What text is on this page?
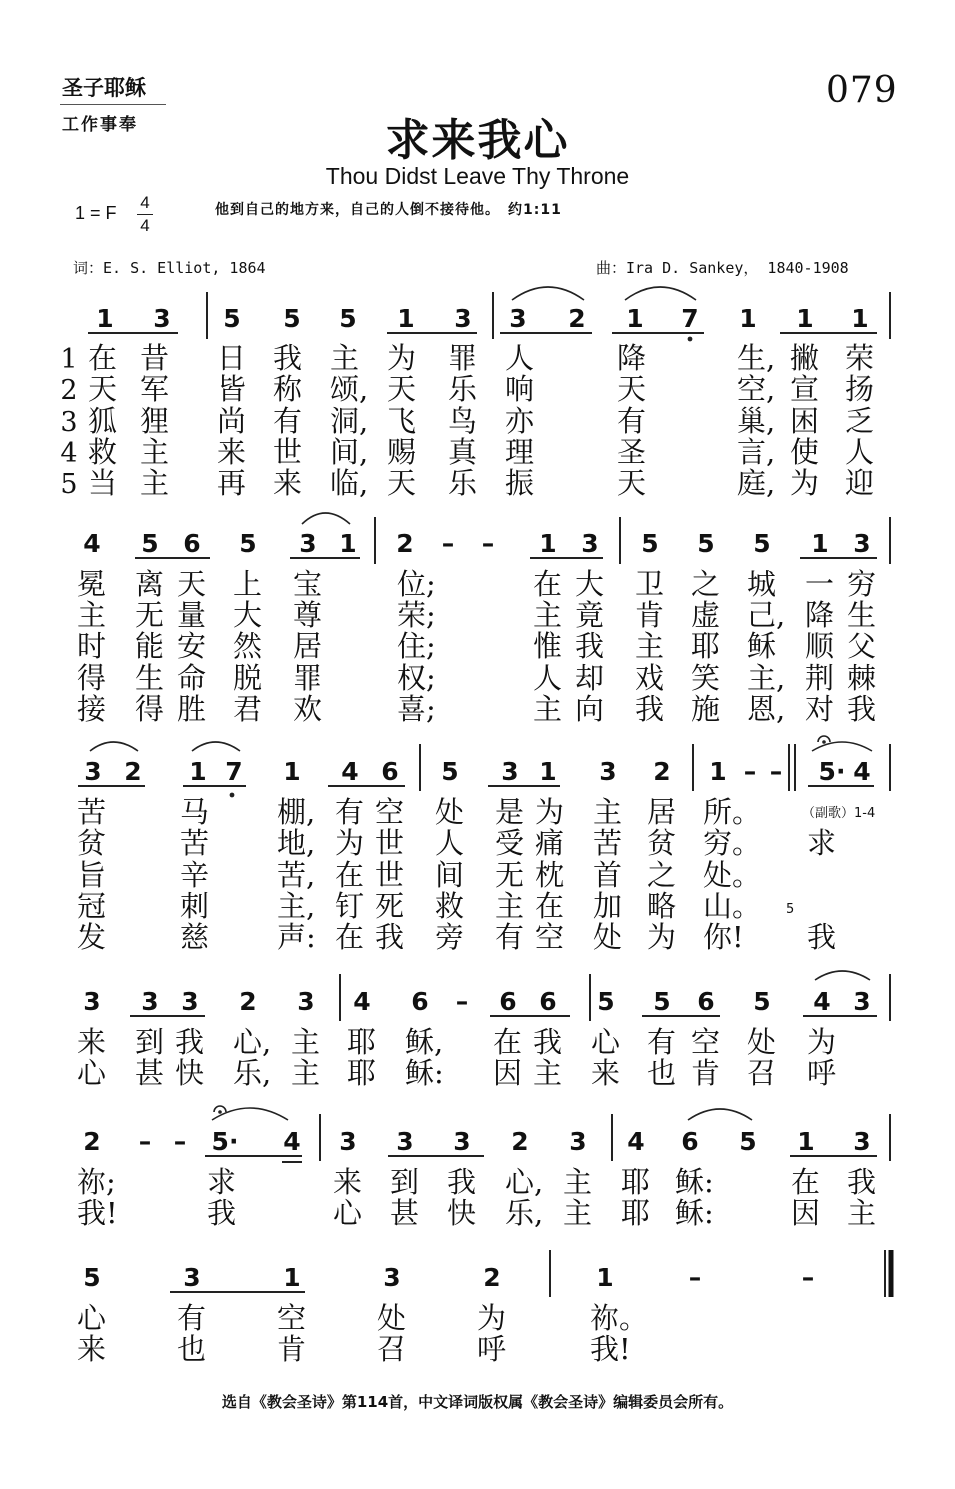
圣子耶稣
工作事奉
079
求来我心
Thou Didst Leave Thy Throne
1 = F
4
4
他到自己的地方来，自己的人倒不接待他。　约1:11
词：E. S. Elliot, 1864	曲：Ira D. Sankey， 1840-1908
1 3 5 5 5 1 3 3 2 1 7 1 1 1
4 5 6 5 3 1 2 – – 1 3 5 5 5 1 3
3 2 1 7 1 4 6 5 3 1 3 2 1 – – 5· 4
3 3 3 2 3 4 6 – 6 6 5 5 6 5 4 3
2 – – 5· 4 3 3 3 2 3 4 6 5 1 3
5	3	1	3	2	1	–	–
1
2
3
4
5
在 昔 日 我 主 为 罪 人	降	生, 撇 荣
天 军 皆 称 颂, 天 乐 响	天	空, 宣 扬
狐 狸 尚 有 洞, 飞 鸟 亦	有	巢, 困 乏
救 主 来 世 间, 赐 真 理	圣	言, 使 人
当 主 再 来 临, 天 乐 振	天	庭, 为 迎
冕 离 天 上 宝	位;	在 大 卫 之 城 一 穷
主 无 量 大 尊	荣;	主 竟 肯 虚 己, 降 生
时 能 安 然 居	住;	惟 我 主 耶 稣 顺 父
得 生 命 脱 罪	权;	人 却 戏 笑 主, 荆 棘
接 得 胜 君 欢	喜;	主 向 我 施 恩, 对 我
苦	马 棚, 有 空 处 是 为 主 居 所。
贫	苦 地, 为 世 人 受 痛 苦 贫 穷。 求
旨	辛 苦, 在 世 间 无 枕 首 之 处。
冠	刺 主, 钉 死 救 主 在 加 略 山。
发	慈 声: 在 我 旁 有 空 处 为 你! 我
来 到 我 心, 主 耶 稣, 在 我 心 有 空 处 为
心 甚 快 乐, 主 耶 稣: 因 主 来 也 肯 召 呼
祢;	求	来 到 我 心, 主 耶 稣:	在 我
我!	我	心 甚 快 乐, 主 耶 稣:	因 主
心 有 空 处 为	祢。
来 也 肯 召 呼	我!
（副歌）1-4
5
选自《教会圣诗》第114首，中文译词版权属《教会圣诗》编辑委员会所有。
